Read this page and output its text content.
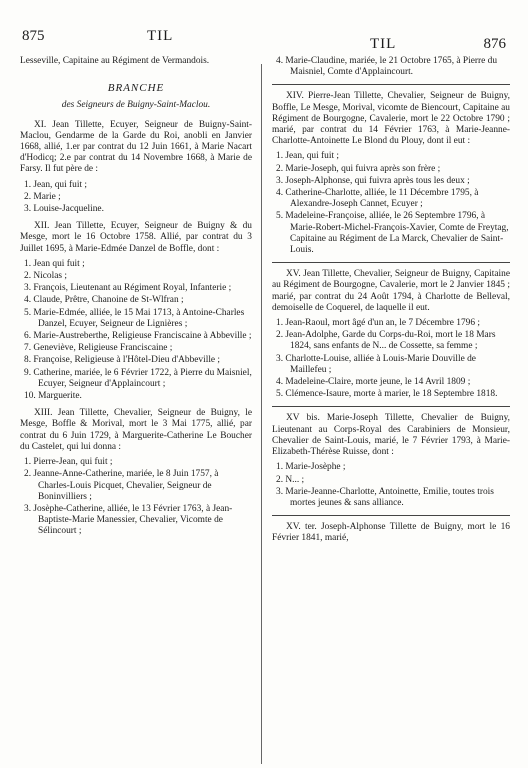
875	TIL	TIL	876

Lesseville, Capitaine au Régiment de Vermandois.

BRANCHE
des Seigneurs de Buigny-Saint-Maclou.

XI. Jean Tillette, Ecuyer, Seigneur de Buigny-Saint-Maclou, Gendarme de la Garde du Roi, anobli en Janvier 1668, allié, 1.er par contrat du 12 Juin 1661, à Marie Nacart d'Hodicq; 2.e par contrat du 14 Novembre 1668, à Marie de Farsy. Il fut père de :

1. Jean, qui fuit ;
2. Marie ;
3. Louise-Jacqueline.

XII. Jean Tillette, Ecuyer, Seigneur de Buigny & du Mesge, mort le 16 Octobre 1758. Allié, par contrat du 3 Juillet 1695, à Marie-Edmée Danzel de Boffle, dont :

1. Jean qui fuit ;
2. Nicolas ;
3. François, Lieutenant au Régiment Royal, Infanterie ;
4. Claude, Prêtre, Chanoine de St-Wlfran ;
5. Marie-Edmée, alliée, le 15 Mai 1713, à Antoine-Charles Danzel, Ecuyer, Seigneur de Lignières ;
6. Marie-Austreberthe, Religieuse Franciscaine à Abbeville ;
7. Geneviève, Religieuse Franciscaine ;
8. Françoise, Religieuse à l'Hôtel-Dieu d'Abbeville ;
9. Catherine, mariée, le 6 Février 1722, à Pierre du Maisniel, Ecuyer, Seigneur d'Applaincourt ;
10. Marguerite.

XIII. Jean Tillette, Chevalier, Seigneur de Buigny, le Mesge, Boffle & Morival, mort le 3 Mai 1775, allié, par contrat du 6 Juin 1729, à Marguerite-Catherine Le Boucher du Castelet, qui lui donna :

1. Pierre-Jean, qui fuit ;
2. Jeanne-Anne-Catherine, mariée, le 8 Juin 1757, à Charles-Louis Picquet, Chevalier, Seigneur de Boninvilliers ;
3. Josèphe-Catherine, alliée, le 13 Février 1763, à Jean-Baptiste-Marie Manessier, Chevalier, Vicomte de Sélincourt ;
4. Marie-Claudine, mariée, le 21 Octobre 1765, à Pierre du Maisniel, Comte d'Applaincourt.

XIV. Pierre-Jean Tillette, Chevalier, Seigneur de Buigny, Boffle, Le Mesge, Morival, vicomte de Biencourt, Capitaine au Régiment de Bourgogne, Cavalerie, mort le 22 Octobre 1790 ; marié, par contrat du 14 Février 1763, à Marie-Jeanne-Charlotte-Antoinette Le Blond du Plouy, dont il eut :

1. Jean, qui fuit ;
2. Marie-Joseph, qui fuivra après son frère ;
3. Joseph-Alphonse, qui fuivra après tous les deux ;
4. Catherine-Charlotte, alliée, le 11 Décembre 1795, à Alexandre-Joseph Cannet, Ecuyer ;
5. Madeleine-Françoise, alliée, le 26 Septembre 1796, à Marie-Robert-Michel-François-Xavier, Comte de Freytag, Capitaine au Régiment de La Marck, Chevalier de Saint-Louis.

XV. Jean Tillette, Chevalier, Seigneur de Buigny, Capitaine au Régiment de Bourgogne, Cavalerie, mort le 2 Janvier 1845 ; marié, par contrat du 24 Août 1794, à Charlotte de Belleval, demoiselle de Coquerel, de laquelle il eut.

1. Jean-Raoul, mort âgé d'un an, le 7 Décembre 1796 ;
2. Jean-Adolphe, Garde du Corps-du-Roi, mort le 18 Mars 1824, sans enfants de N... de Cossette, sa femme ;
3. Charlotte-Louise, alliée à Louis-Marie Douville de Maillefeu ;
4. Madeleine-Claire, morte jeune, le 14 Avril 1809 ;
5. Clémence-Isaure, morte à marier, le 18 Septembre 1818.

XV bis. Marie-Joseph Tillette, Chevalier de Buigny, Lieutenant au Corps-Royal des Carabiniers de Monsieur, Chevalier de Saint-Louis, marié, le 7 Février 1793, à Marie-Elizabeth-Thérèse Ruisse, dont :

1. Marie-Josèphe ;
2. N... ;
3. Marie-Jeanne-Charlotte, Antoinette, Emilie, toutes trois mortes jeunes & sans alliance.

XV. ter. Joseph-Alphonse Tillette de Buigny, mort le 16 Février 1841, marié,
